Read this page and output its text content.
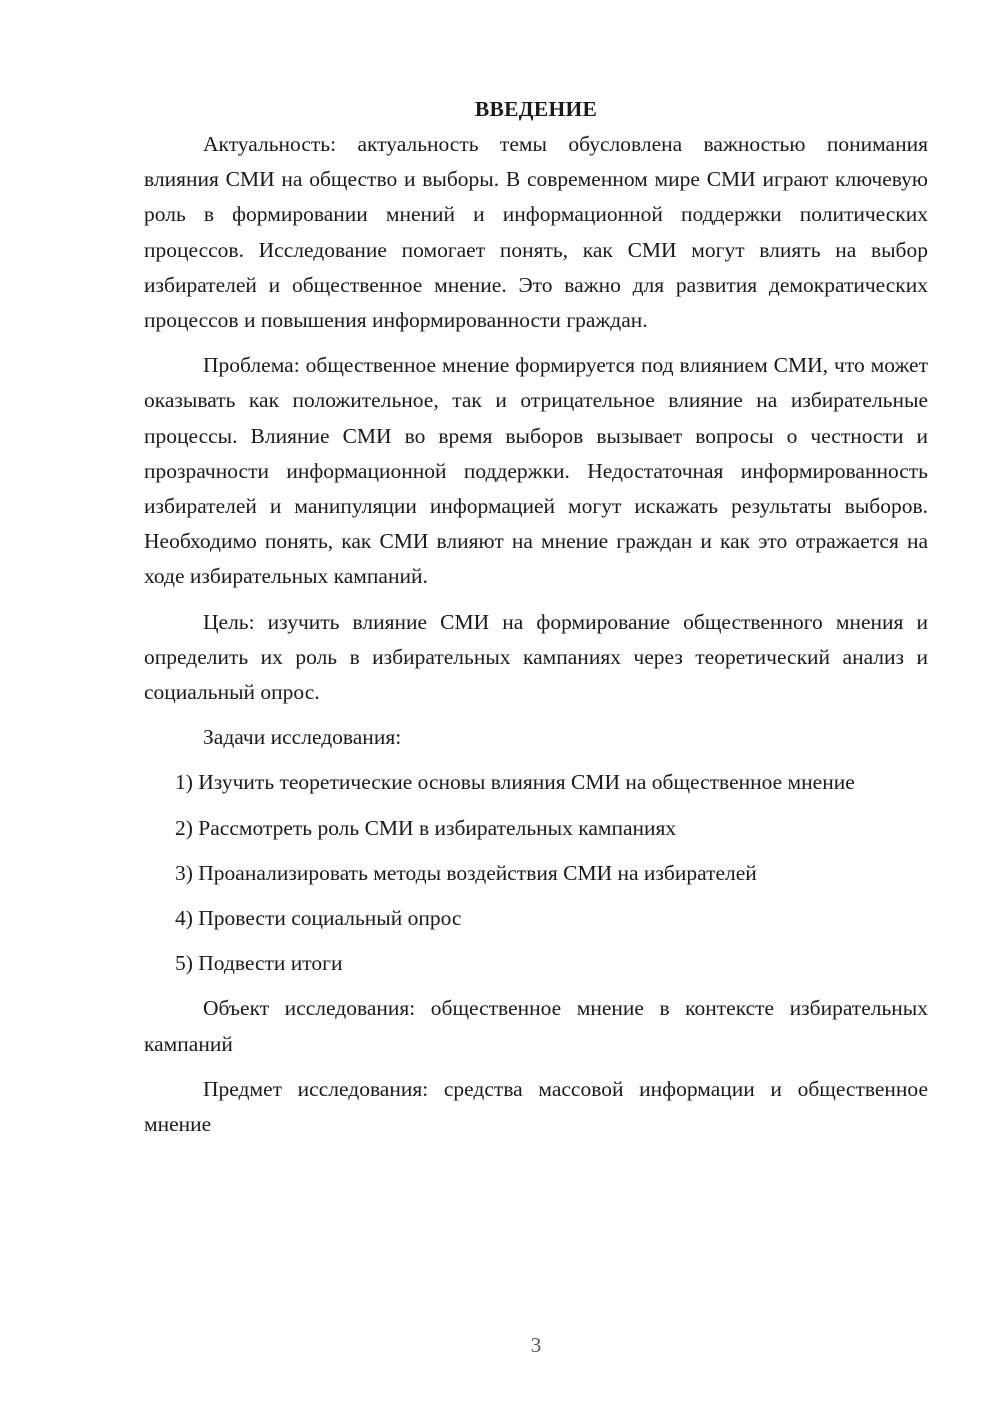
ВВЕДЕНИЕ

Актуальность: актуальность темы обусловлена важностью понимания влияния СМИ на общество и выборы. В современном мире СМИ играют ключевую роль в формировании мнений и информационной поддержки политических процессов. Исследование помогает понять, как СМИ могут влиять на выбор избирателей и общественное мнение. Это важно для развития демократических процессов и повышения информированности граждан.

Проблема: общественное мнение формируется под влиянием СМИ, что может оказывать как положительное, так и отрицательное влияние на избирательные процессы. Влияние СМИ во время выборов вызывает вопросы о честности и прозрачности информационной поддержки. Недостаточная информированность избирателей и манипуляции информацией могут искажать результаты выборов. Необходимо понять, как СМИ влияют на мнение граждан и как это отражается на ходе избирательных кампаний.

Цель: изучить влияние СМИ на формирование общественного мнения и определить их роль в избирательных кампаниях через теоретический анализ и социальный опрос.

Задачи исследования:

1) Изучить теоретические основы влияния СМИ на общественное мнение

2) Рассмотреть роль СМИ в избирательных кампаниях

3) Проанализировать методы воздействия СМИ на избирателей

4) Провести социальный опрос

5) Подвести итоги

Объект исследования: общественное мнение в контексте избирательных кампаний

Предмет исследования: средства массовой информации и общественное мнение

3
